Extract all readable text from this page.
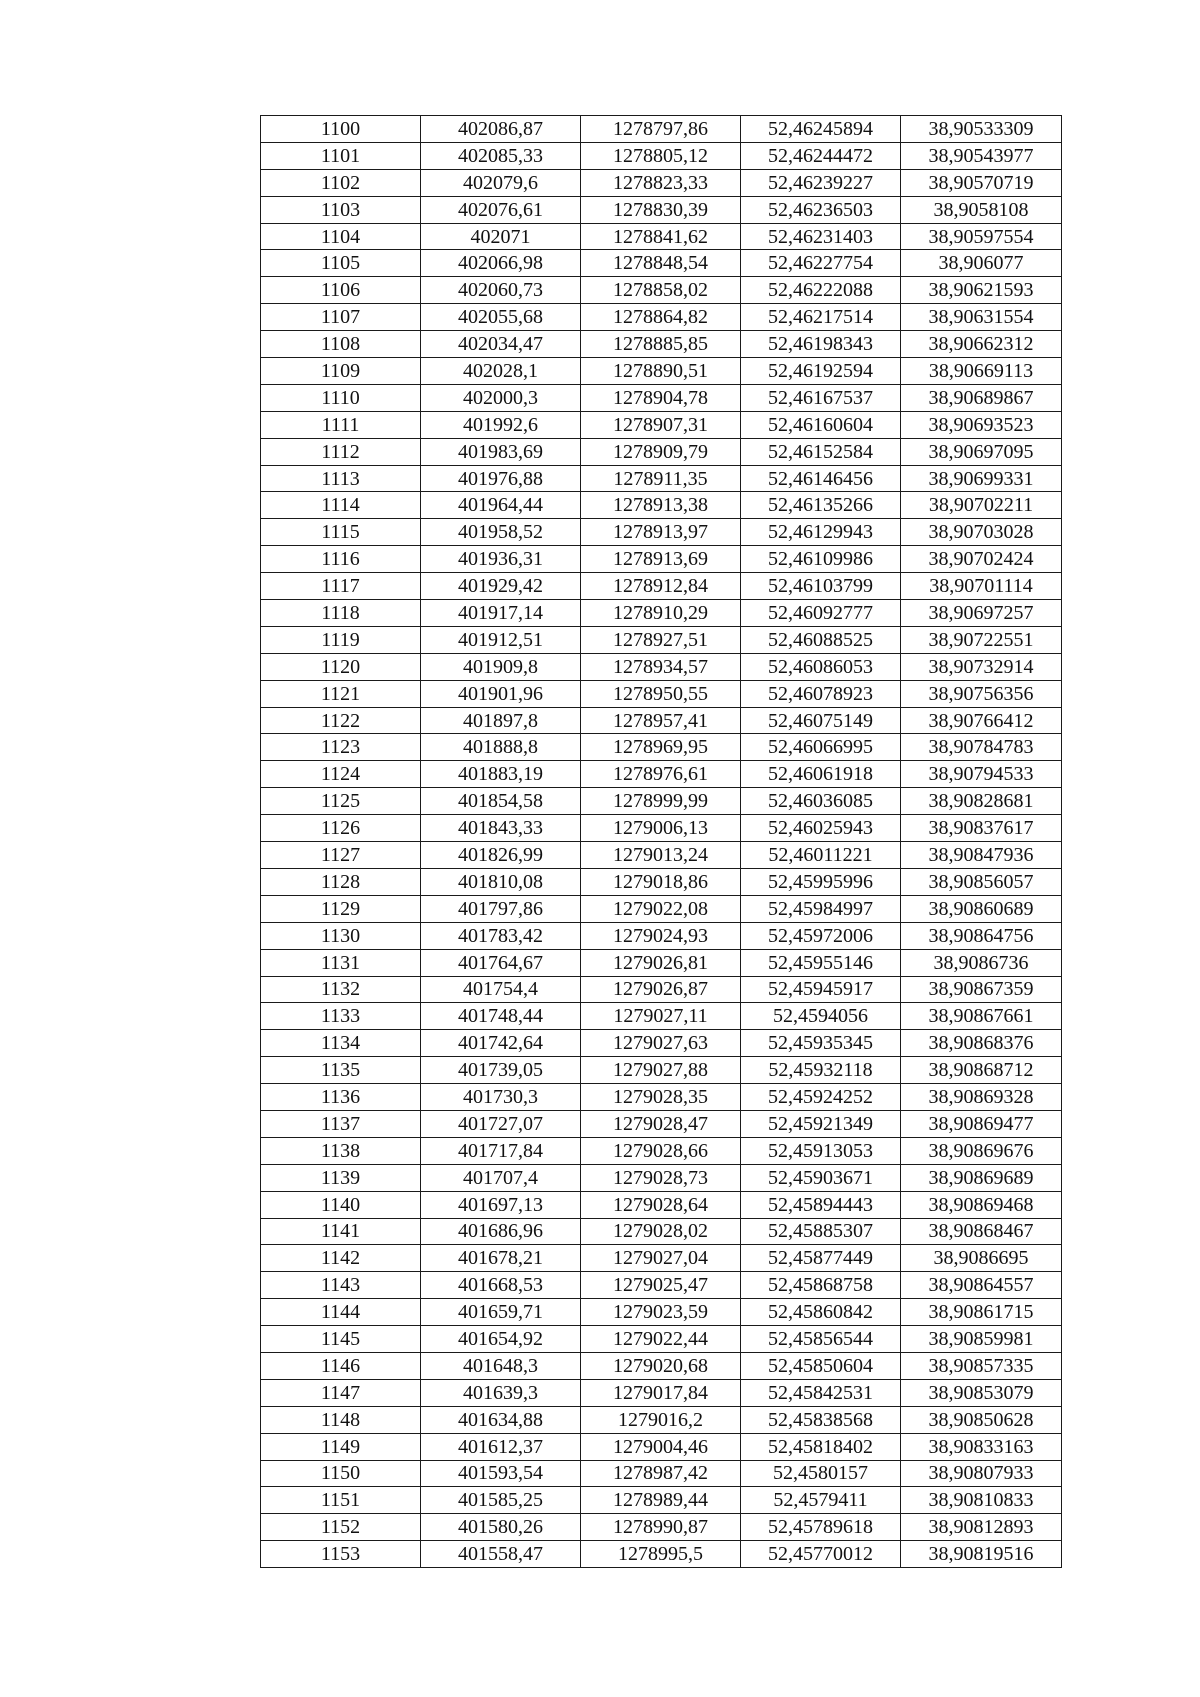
1100	402086,87	1278797,86	52,46245894	38,90533309
1101	402085,33	1278805,12	52,46244472	38,90543977
1102	402079,6	1278823,33	52,46239227	38,90570719
1103	402076,61	1278830,39	52,46236503	38,9058108
1104	402071	1278841,62	52,46231403	38,90597554
1105	402066,98	1278848,54	52,46227754	38,906077
1106	402060,73	1278858,02	52,46222088	38,90621593
1107	402055,68	1278864,82	52,46217514	38,90631554
1108	402034,47	1278885,85	52,46198343	38,90662312
1109	402028,1	1278890,51	52,46192594	38,90669113
1110	402000,3	1278904,78	52,46167537	38,90689867
1111	401992,6	1278907,31	52,46160604	38,90693523
1112	401983,69	1278909,79	52,46152584	38,90697095
1113	401976,88	1278911,35	52,46146456	38,90699331
1114	401964,44	1278913,38	52,46135266	38,90702211
1115	401958,52	1278913,97	52,46129943	38,90703028
1116	401936,31	1278913,69	52,46109986	38,90702424
1117	401929,42	1278912,84	52,46103799	38,90701114
1118	401917,14	1278910,29	52,46092777	38,90697257
1119	401912,51	1278927,51	52,46088525	38,90722551
1120	401909,8	1278934,57	52,46086053	38,90732914
1121	401901,96	1278950,55	52,46078923	38,90756356
1122	401897,8	1278957,41	52,46075149	38,90766412
1123	401888,8	1278969,95	52,46066995	38,90784783
1124	401883,19	1278976,61	52,46061918	38,90794533
1125	401854,58	1278999,99	52,46036085	38,90828681
1126	401843,33	1279006,13	52,46025943	38,90837617
1127	401826,99	1279013,24	52,46011221	38,90847936
1128	401810,08	1279018,86	52,45995996	38,90856057
1129	401797,86	1279022,08	52,45984997	38,90860689
1130	401783,42	1279024,93	52,45972006	38,90864756
1131	401764,67	1279026,81	52,45955146	38,9086736
1132	401754,4	1279026,87	52,45945917	38,90867359
1133	401748,44	1279027,11	52,4594056	38,90867661
1134	401742,64	1279027,63	52,45935345	38,90868376
1135	401739,05	1279027,88	52,45932118	38,90868712
1136	401730,3	1279028,35	52,45924252	38,90869328
1137	401727,07	1279028,47	52,45921349	38,90869477
1138	401717,84	1279028,66	52,45913053	38,90869676
1139	401707,4	1279028,73	52,45903671	38,90869689
1140	401697,13	1279028,64	52,45894443	38,90869468
1141	401686,96	1279028,02	52,45885307	38,90868467
1142	401678,21	1279027,04	52,45877449	38,9086695
1143	401668,53	1279025,47	52,45868758	38,90864557
1144	401659,71	1279023,59	52,45860842	38,90861715
1145	401654,92	1279022,44	52,45856544	38,90859981
1146	401648,3	1279020,68	52,45850604	38,90857335
1147	401639,3	1279017,84	52,45842531	38,90853079
1148	401634,88	1279016,2	52,45838568	38,90850628
1149	401612,37	1279004,46	52,45818402	38,90833163
1150	401593,54	1278987,42	52,4580157	38,90807933
1151	401585,25	1278989,44	52,4579411	38,90810833
1152	401580,26	1278990,87	52,45789618	38,90812893
1153	401558,47	1278995,5	52,45770012	38,90819516
